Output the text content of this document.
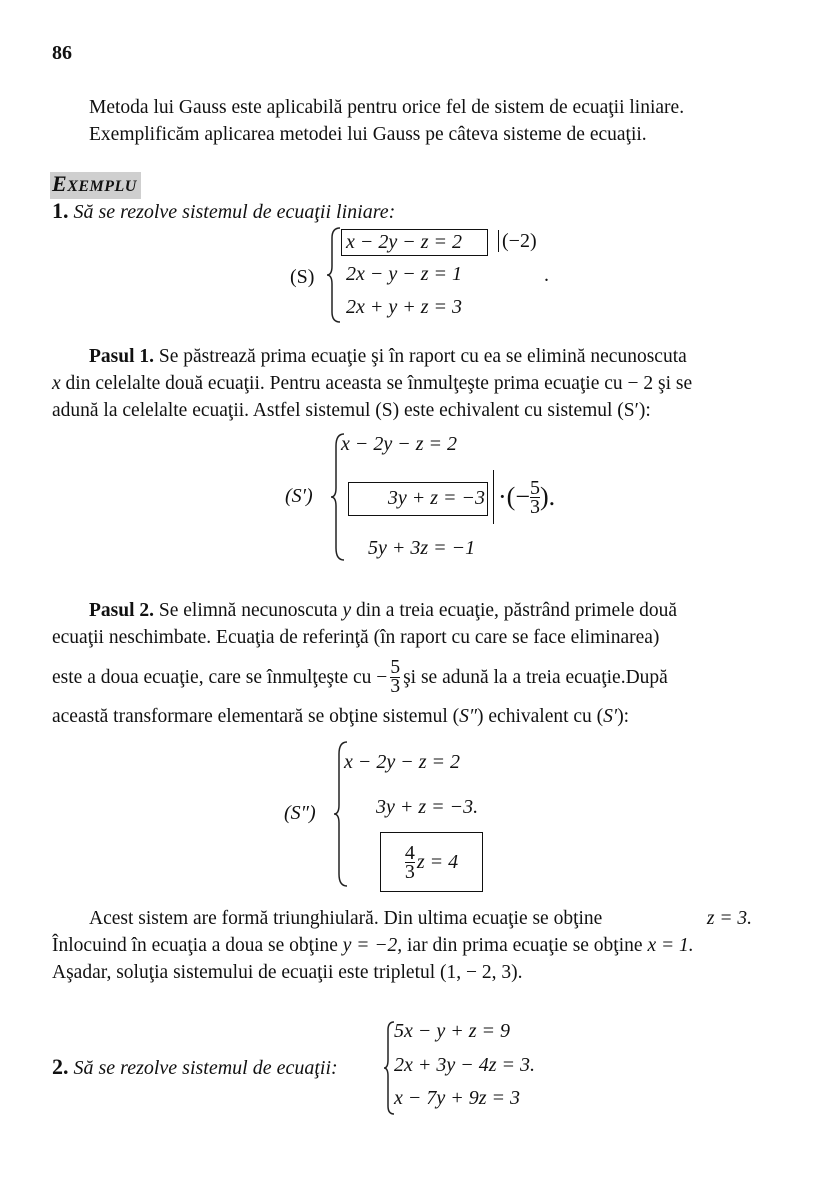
86
Metoda lui Gauss este aplicabilă pentru orice fel de sistem de ecuaţii liniare.
Exemplificăm aplicarea metodei lui Gauss pe câteva sisteme de ecuaţii.
EXEMPLU
1. Să se rezolve sistemul de ecuaţii liniare:
(S)
x − 2y − z = 2	(−2)
2x − y − z = 1
2x + y + z = 3
.
Pasul 1. Se păstrează prima ecuaţie şi în raport cu ea se elimină necunoscuta
x din celelalte două ecuaţii. Pentru aceasta se înmulţeşte prima ecuaţie cu − 2 şi se
adună la celelalte ecuaţii. Astfel sistemul (S) este echivalent cu sistemul (S′):
(S′)
x − 2y − z = 2
3y + z = −3 ·(− $\frac{5}{3}$ ).
5y + 3z = −1
Pasul 2. Se elimnă necunoscuta y din a treia ecuaţie, păstrând primele două
ecuaţii neschimbate. Ecuaţia de referinţă (în raport cu care se face eliminarea)
este a doua ecuaţie, care se înmulţeşte cu − $\frac{5}{3}$ şi se adună la a treia ecuaţie.După
această transformare elementară se obţine sistemul (S″) echivalent cu (S′):
(S″)
x − 2y − z = 2
3y + z = −3.
$\frac{4}{3}$ z = 4
Acest sistem are formă triunghiulară. Din ultima ecuaţie se obţine	z = 3.
Înlocuind în ecuaţia a doua se obţine y = −2, iar din prima ecuaţie se obţine x = 1.
Aşadar, soluţia sistemului de ecuaţii este tripletul (1, − 2, 3).
2. Să se rezolve sistemul de ecuaţii:
5x − y + z = 9
2x + 3y − 4z = 3.
x − 7y + 9z = 3
